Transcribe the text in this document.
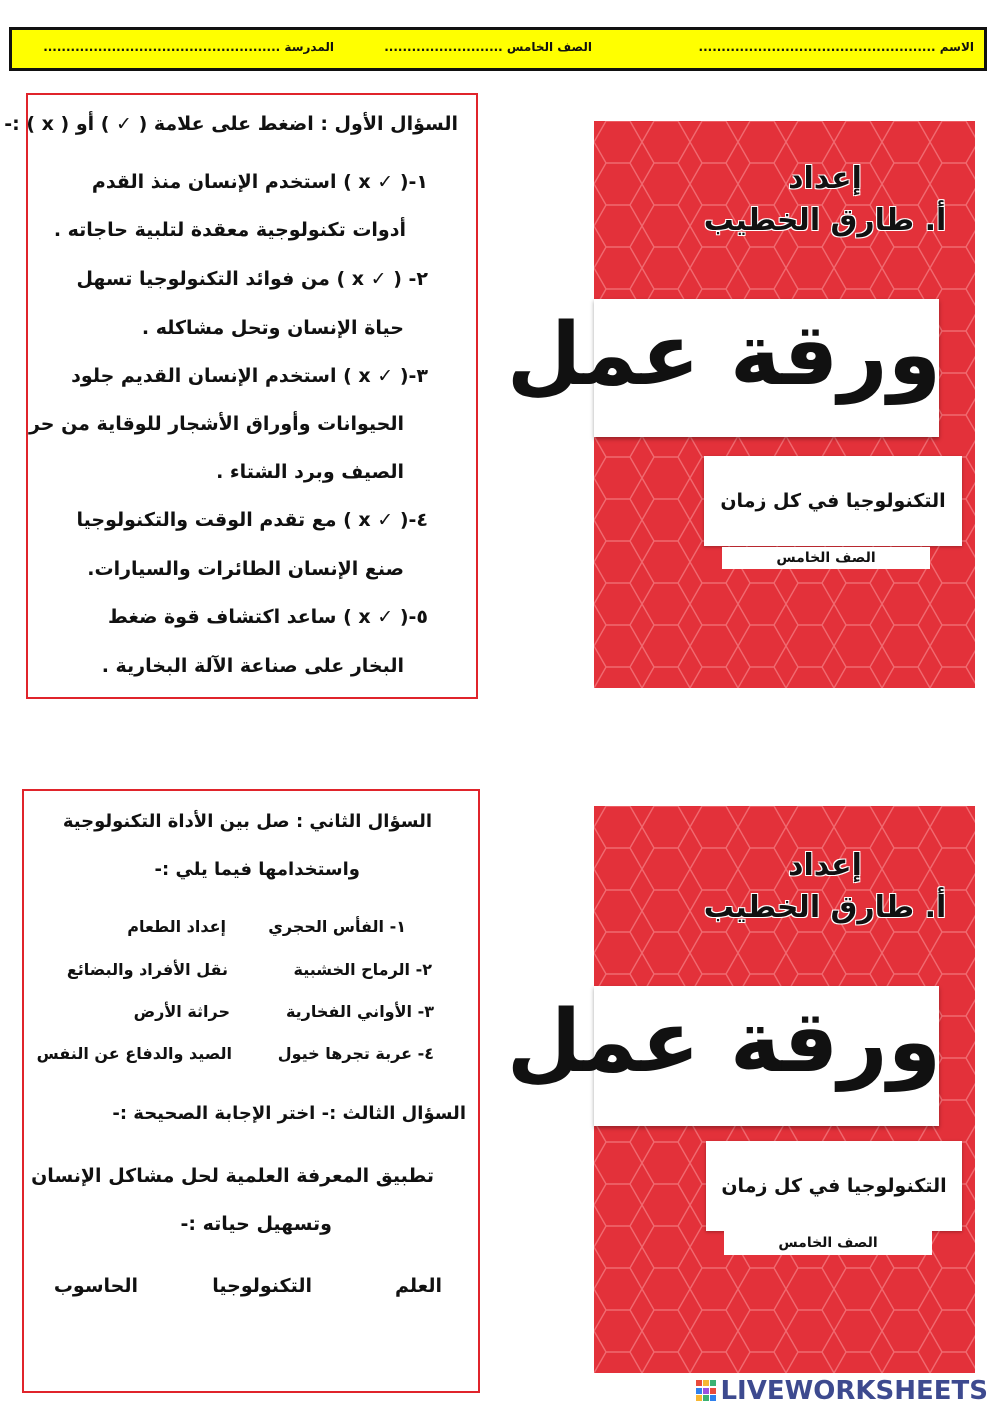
الاسم ....................................................
الصف الخامس ..........................
المدرسة ....................................................
السؤال الأول : اضغط على علامة ( ✓ ) أو ( x ) :-
١-( ✓ x ) استخدم الإنسان منذ القدم
أدوات تكنولوجية معقدة لتلبية حاجاته .
٢- ( ✓ x ) من فوائد التكنولوجيا تسهل
حياة الإنسان وتحل مشاكله .
٣-( ✓ x ) استخدم الإنسان القديم جلود
الحيوانات وأوراق الأشجار للوقاية من حر
الصيف وبرد الشتاء .
٤-( ✓ x ) مع تقدم الوقت والتكنولوجيا
صنع الإنسان الطائرات والسيارات.
٥-( ✓ x ) ساعد اكتشاف قوة ضغط
البخار على صناعة الآلة البخارية .
السؤال الثاني : صل بين الأداة التكنولوجية
واستخدامها فيما يلي :-
١- الفأس الحجري
إعداد الطعام
٢- الرماح الخشبية
نقل الأفراد والبضائع
٣- الأواني الفخارية
حراثة الأرض
٤- عربة تجرها خيول
الصيد والدفاع عن النفس
السؤال الثالث :- اختر الإجابة الصحيحة :-
تطبيق المعرفة العلمية لحل مشاكل الإنسان
وتسهيل حياته :-
العلم
التكنولوجيا
الحاسوب
إعداد
أ. طارق الخطيب
ورقة عمل
التكنولوجيا في كل زمان
الصف الخامس
إعداد
أ. طارق الخطيب
ورقة عمل
التكنولوجيا في كل زمان
الصف الخامس
LIVEWORKSHEETS
